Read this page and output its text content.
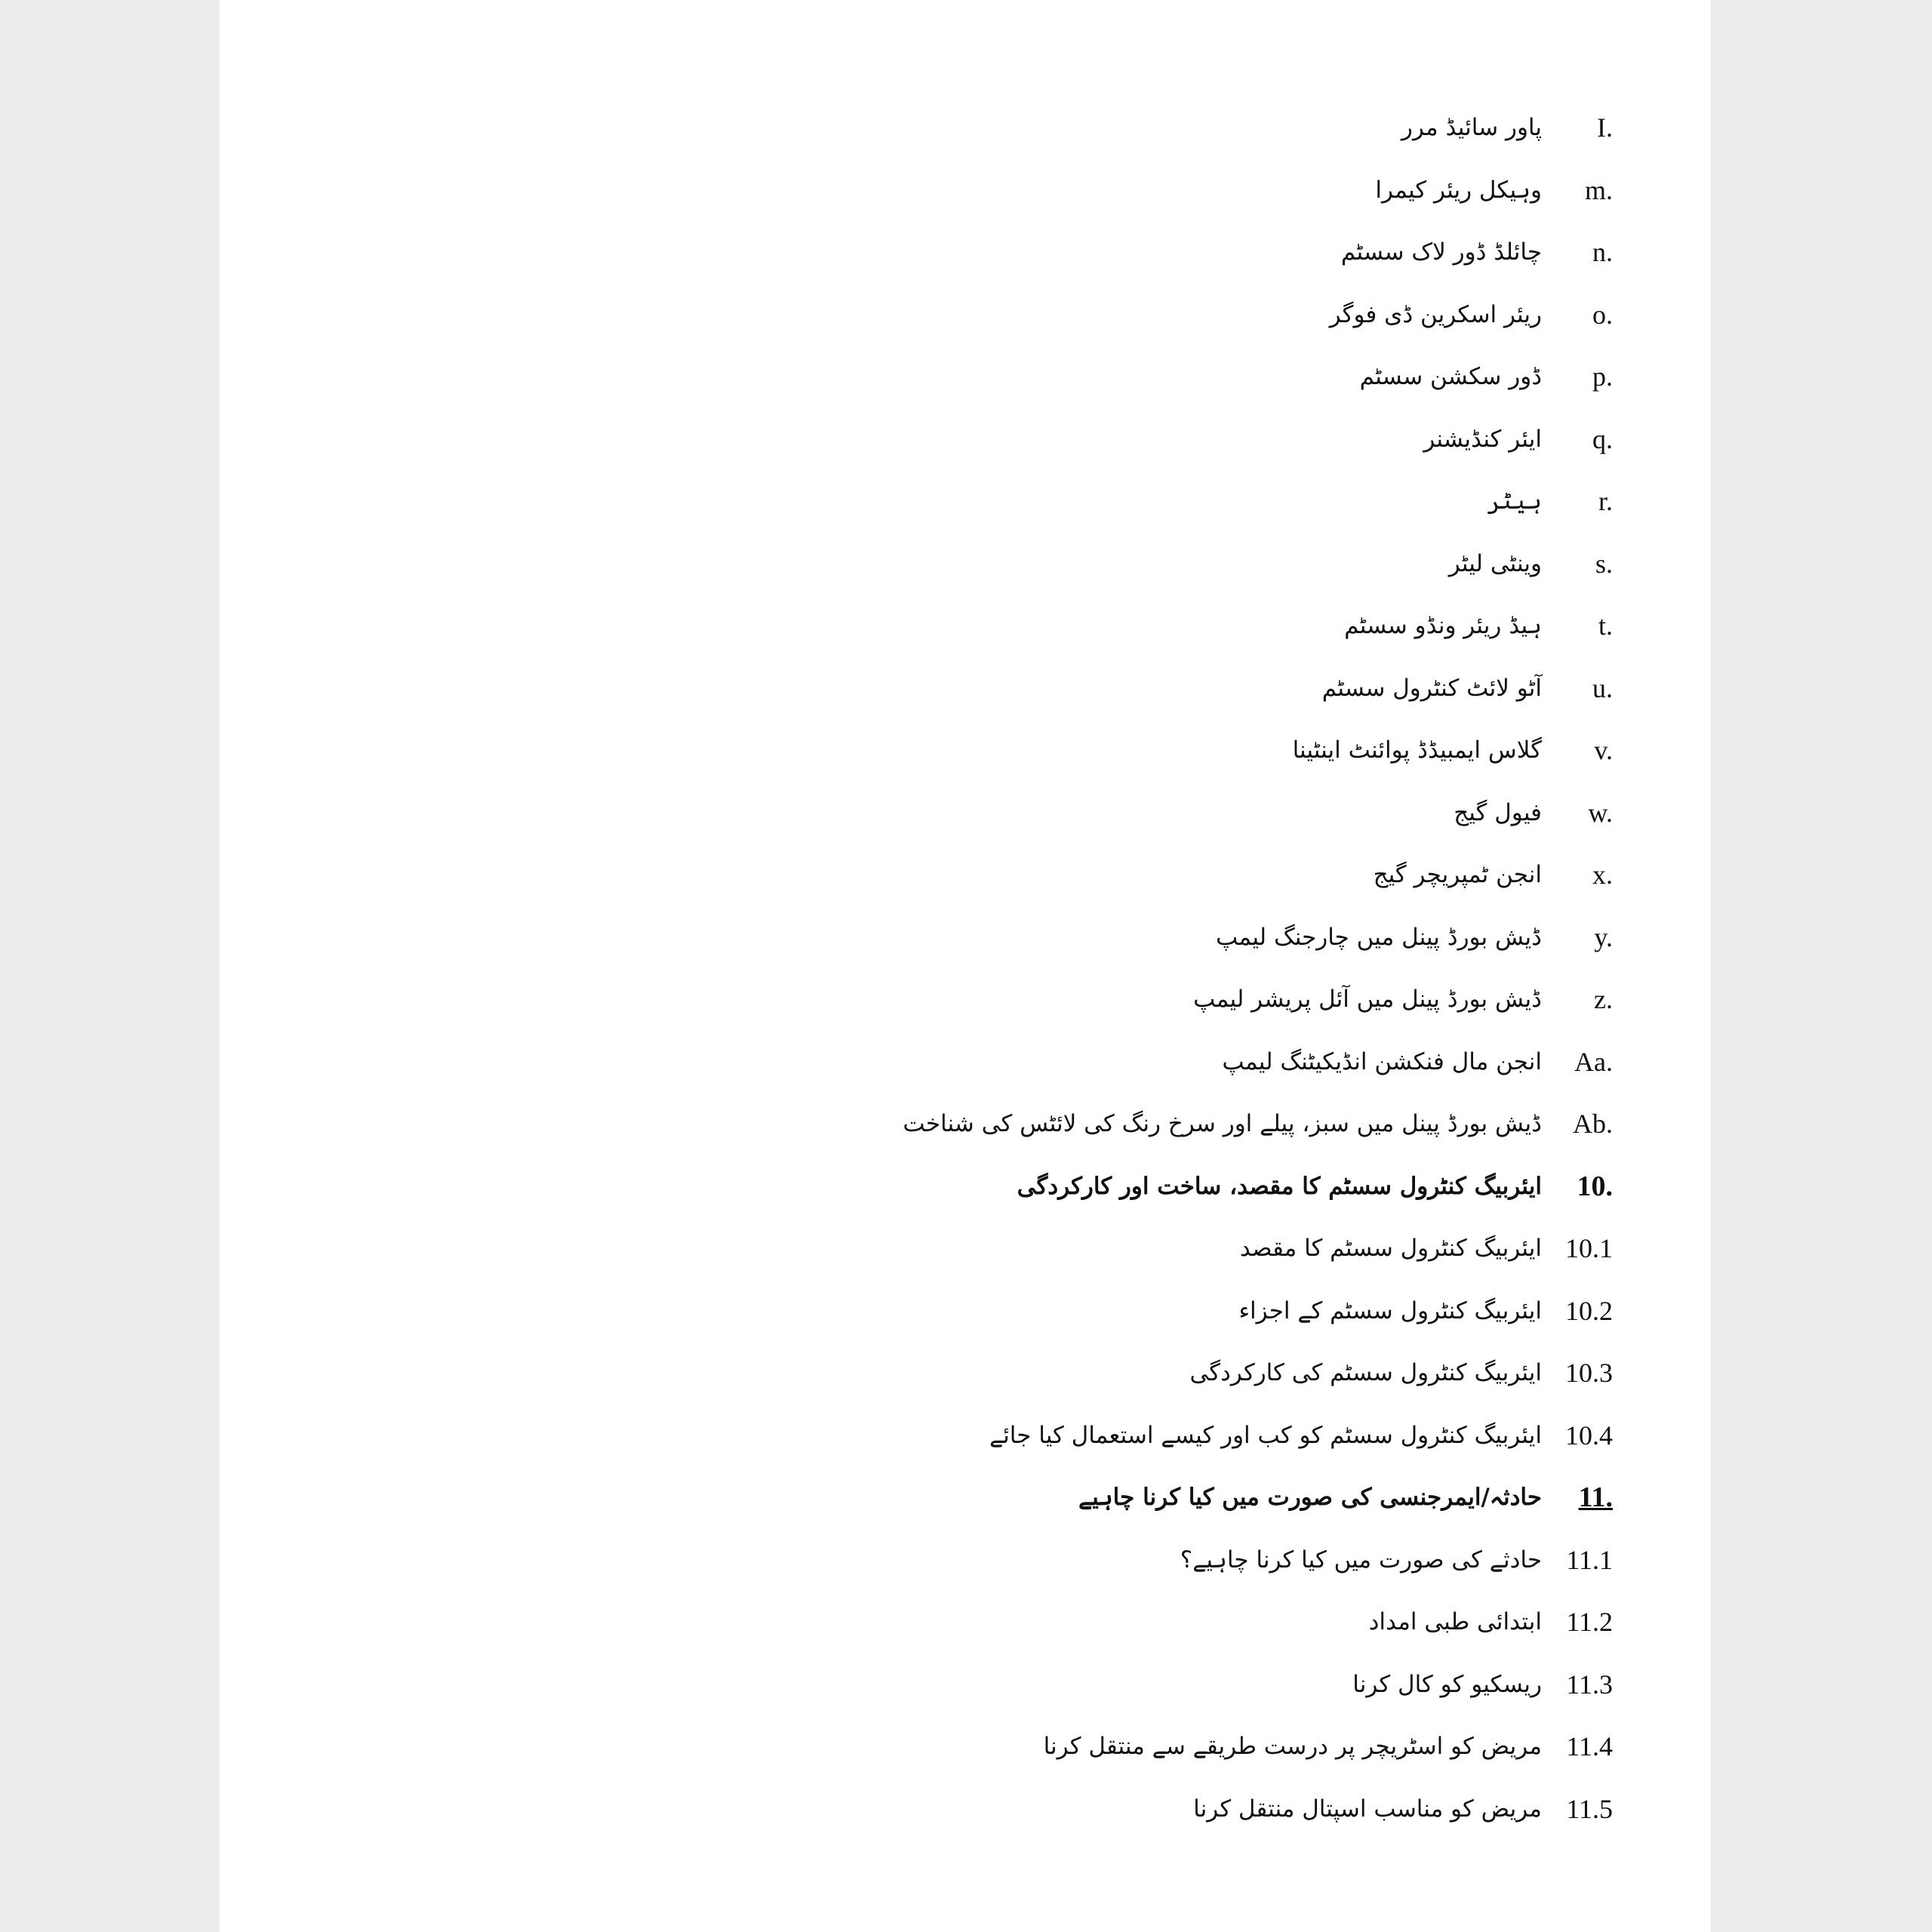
پاور سائیڈ مرر	I.
وہیکل ریئر کیمرا	m.
چائلڈ ڈور لاک سسٹم	n.
ریئر اسکرین ڈی فوگر	o.
ڈور سکشن سسٹم	p.
ایئر کنڈیشنر	q.
ہیٹر	r.
وینٹی لیٹر	s.
ہیڈ ریئر ونڈو سسٹم	t.
آٹو لائٹ کنٹرول سسٹم	u.
گلاس ایمبیڈڈ پوائنٹ اینٹینا	v.
فیول گیج	w.
انجن ٹمپریچر گیج	x.
ڈیش بورڈ پینل میں چارجنگ لیمپ	y.
ڈیش بورڈ پینل میں آئل پریشر لیمپ	z.
انجن مال فنکشن انڈیکیٹنگ لیمپ	Aa.
ڈیش بورڈ پینل میں سبز، پیلے اور سرخ رنگ کی لائٹس کی شناخت	Ab.
ایئربیگ کنٹرول سسٹم کا مقصد، ساخت اور کارکردگی	10.
ایئربیگ کنٹرول سسٹم کا مقصد 10.1
ایئربیگ کنٹرول سسٹم کے اجزاء 10.2
ایئربیگ کنٹرول سسٹم کی کارکردگی 10.3
ایئربیگ کنٹرول سسٹم کو کب اور کیسے استعمال کیا جائے 10.4
حادثہ/ایمرجنسی کی صورت میں کیا کرنا چاہیے	11.
حادثے کی صورت میں کیا کرنا چاہیے؟ 11.1
ابتدائی طبی امداد 11.2
ریسکیو کو کال کرنا 11.3
مریض کو اسٹریچر پر درست طریقے سے منتقل کرنا 11.4
مریض کو مناسب اسپتال منتقل کرنا 11.5
